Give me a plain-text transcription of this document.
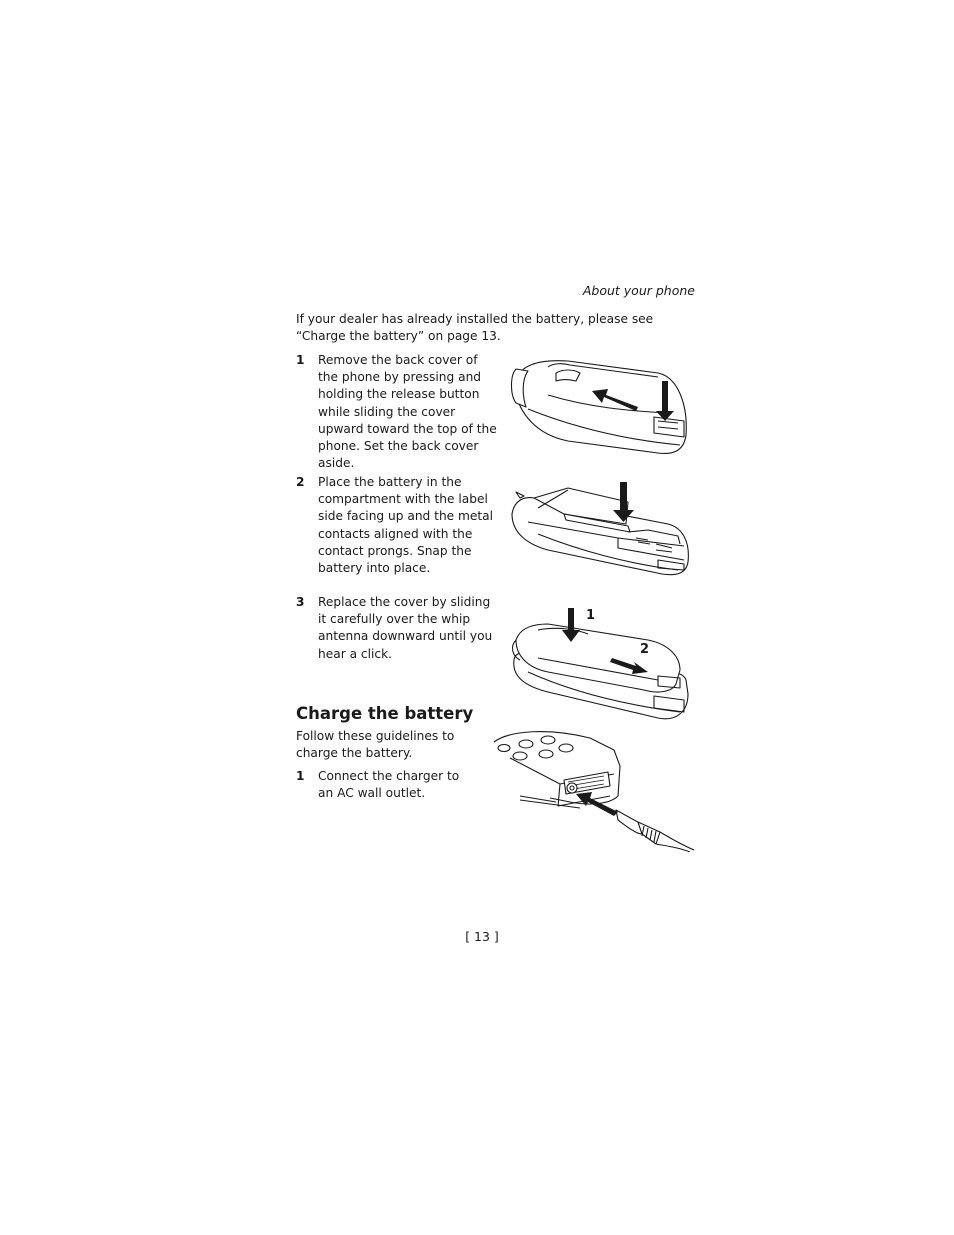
About your phone
If your dealer has already installed the battery, please see “Charge the battery” on page 13.
1	Remove the back cover of the phone by pressing and holding the release button while sliding the cover upward toward the top of the phone. Set the back cover aside.
2	Place the battery in the compartment with the label side facing up and the metal contacts aligned with the contact prongs. Snap the battery into place.
3	Replace the cover by sliding it carefully over the whip antenna downward until you hear a click.
1
2
Charge the battery
Follow these guidelines to charge the battery.
1	Connect the charger to an AC wall outlet.
[ 13 ]
